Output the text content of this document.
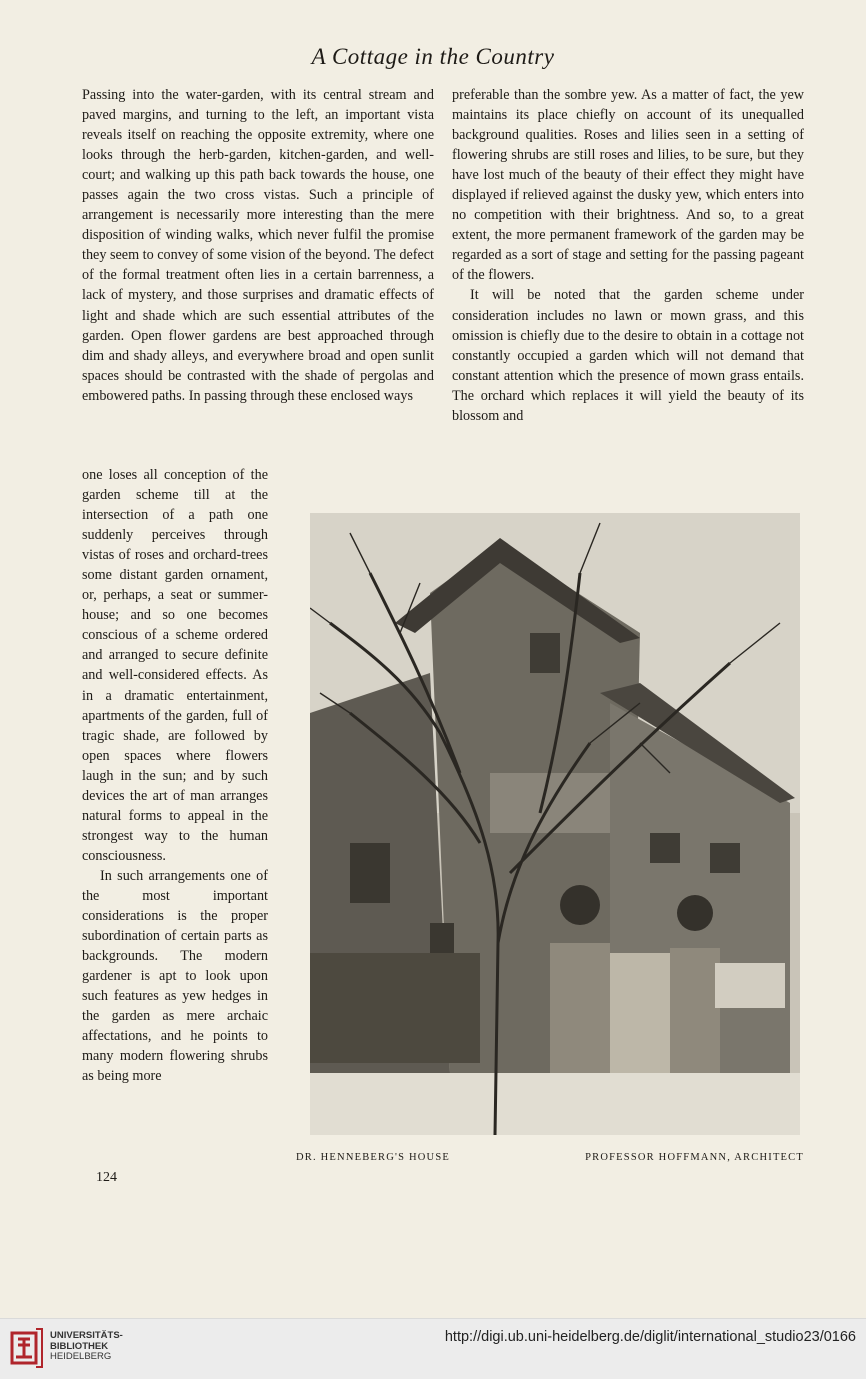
A Cottage in the Country

Passing into the water-garden, with its central stream and paved margins, and turning to the left, an important vista reveals itself on reaching the opposite extremity, where one looks through the herb-garden, kitchen-garden, and well-court; and walking up this path back towards the house, one passes again the two cross vistas. Such a principle of arrangement is necessarily more interesting than the mere disposition of winding walks, which never fulfil the promise they seem to convey of some vision of the beyond. The defect of the formal treatment often lies in a certain barrenness, a lack of mystery, and those surprises and dramatic effects of light and shade which are such essential attributes of the garden. Open flower gardens are best approached through dim and shady alleys, and everywhere broad and open sunlit spaces should be contrasted with the shade of pergolas and embowered paths. In passing through these enclosed ways

preferable than the sombre yew. As a matter of fact, the yew maintains its place chiefly on account of its unequalled background qualities. Roses and lilies seen in a setting of flowering shrubs are still roses and lilies, to be sure, but they have lost much of the beauty of their effect they might have displayed if relieved against the dusky yew, which enters into no competition with their brightness. And so, to a great extent, the more permanent framework of the garden may be regarded as a sort of stage and setting for the passing pageant of the flowers.

It will be noted that the garden scheme under consideration includes no lawn or mown grass, and this omission is chiefly due to the desire to obtain in a cottage not constantly occupied a garden which will not demand that constant attention which the presence of mown grass entails. The orchard which replaces it will yield the beauty of its blossom and

one loses all conception of the garden scheme till at the intersection of a path one suddenly perceives through vistas of roses and orchard-trees some distant garden ornament, or, perhaps, a seat or summer-house; and so one becomes conscious of a scheme ordered and arranged to secure definite and well-considered effects. As in a dramatic entertainment, apartments of the garden, full of tragic shade, are followed by open spaces where flowers laugh in the sun; and by such devices the art of man arranges natural forms to appeal in the strongest way to the human consciousness.

In such arrangements one of the most important considerations is the proper subordination of certain parts as backgrounds. The modern gardener is apt to look upon such features as yew hedges in the garden as mere archaic affectations, and he points to many modern flowering shrubs as being more

DR. HENNEBERG'S HOUSE	PROFESSOR HOFFMANN, ARCHITECT
124
UNIVERSITÄTS-
BIBLIOTHEK
HEIDELBERG
http://digi.ub.uni-heidelberg.de/diglit/international_studio23/0166
